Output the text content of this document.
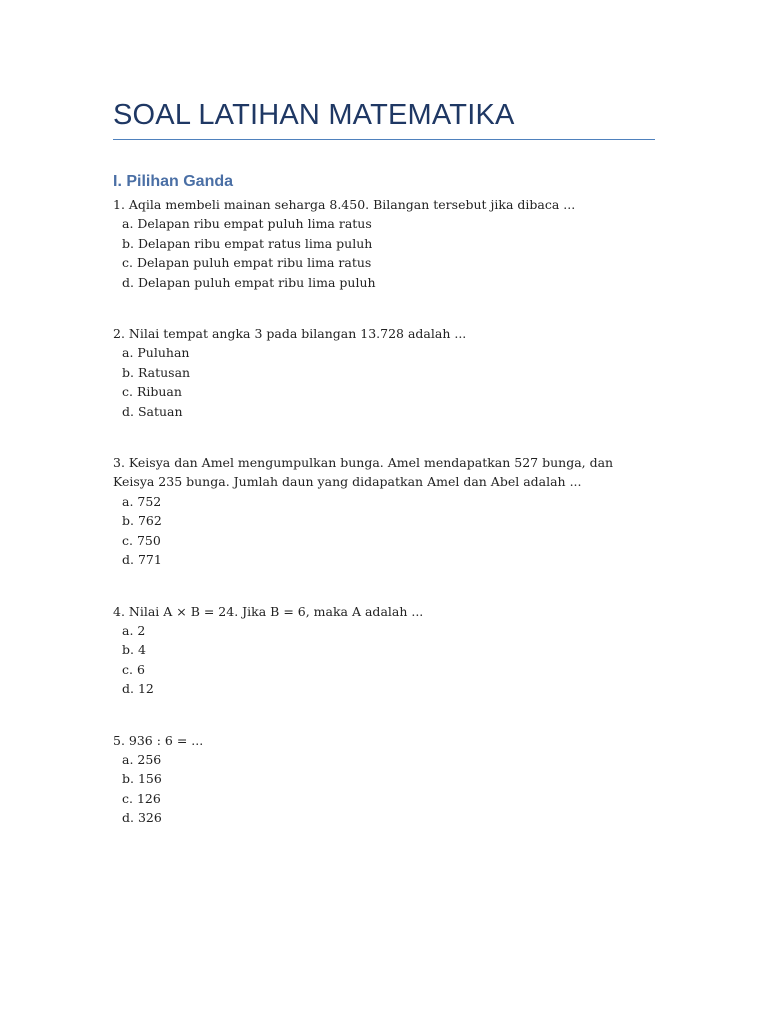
SOAL LATIHAN MATEMATIKA
I. Pilihan Ganda

1. Aqila membeli mainan seharga 8.450. Bilangan tersebut jika dibaca ...

a. Delapan ribu empat puluh lima ratus
b. Delapan ribu empat ratus lima puluh
c. Delapan puluh empat ribu lima ratus
d. Delapan puluh empat ribu lima puluh

2. Nilai tempat angka 3 pada bilangan 13.728 adalah ...

a. Puluhan
b. Ratusan
c. Ribuan
d. Satuan

3. Keisya dan Amel mengumpulkan bunga. Amel mendapatkan 527 bunga, dan Keisya 235 bunga. Jumlah daun yang didapatkan Amel dan Abel adalah ...

a. 752
b. 762
c. 750
d. 771

4. Nilai A × B = 24. Jika B = 6, maka A adalah ...

a. 2
b. 4
c. 6
d. 12

5. 936 : 6 = ...

a. 256
b. 156
c. 126
d. 326
